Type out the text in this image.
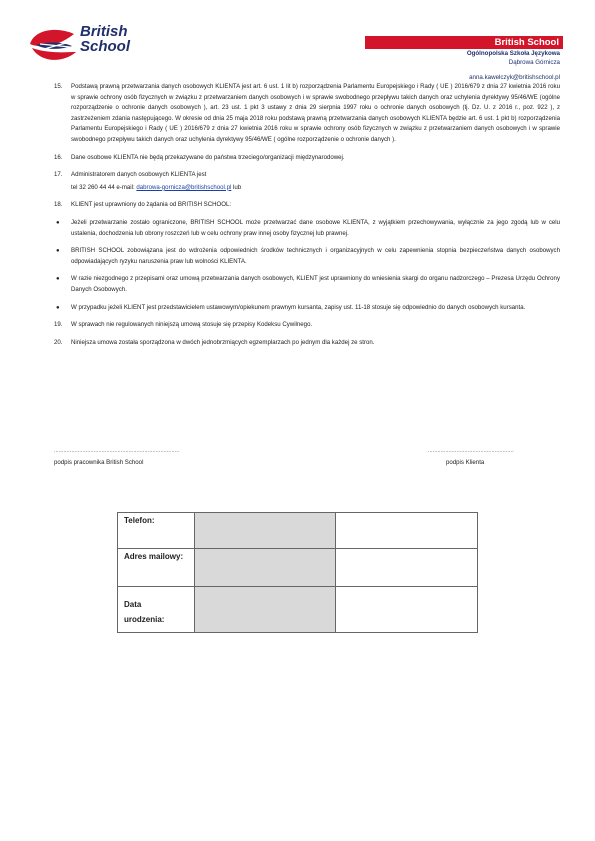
British
School	British School
Ogólnopolska Szkoła Językowa
Dąbrowa Górnicza
anna.kawelczyk@britishschool.pl
15. Podstawą prawną przetwarzania danych osobowych KLIENTA jest art. 6 ust. 1 lit b) rozporządzenia Parlamentu Europejskiego i Rady ( UE ) 2016/679 z dnia 27 kwietnia 2016 roku w sprawie ochrony osób fizycznych w związku z przetwarzaniem danych osobowych i w sprawie swobodnego przepływu takich danych oraz uchylenia dyrektywy 95/46/WE (ogólne rozporządzenie o ochronie danych osobowych ), art. 23 ust. 1 pkt 3 ustawy z dnia 29 sierpnia 1997 roku o ochronie danych osobowych (tj. Dz. U. z 2016 r., poz. 922 ), z zastrzeżeniem zdania następującego. W okresie od dnia 25 maja 2018 roku podstawą prawną przetwarzania danych osobowych KLIENTA będzie art. 6 ust. 1 pkt b) rozporządzenia Parlamentu Europejskiego i Rady ( UE ) 2016/679 z dnia 27 kwietnia 2016 roku w sprawie ochrony osób fizycznych w związku z przetwarzaniem danych osobowych i w sprawie swobodnego przepływu takich danych oraz uchylenia dyrektywy 95/46/WE ( ogólne rozporządzenie o ochronie danych ).
16. Dane osobowe KLIENTA nie będą przekazywane do państwa trzeciego/organizacji międzynarodowej.
17. Administratorem danych osobowych KLIENTA jest
tel 32 260 44 44 e-mail: dabrowa-gornicza@britishschool.pl lub
18. KLIENT jest uprawniony do żądania od BRITISH SCHOOL:
● Jeżeli przetwarzanie zostało ograniczone, BRITISH SCHOOL może przetwarzać dane osobowe KLIENTA, z wyjątkiem przechowywania, wyłącznie za jego zgodą lub w celu ustalenia, dochodzenia lub obrony roszczeń lub w celu ochrony praw innej osoby fizycznej lub prawnej.
● BRITISH SCHOOL zobowiązana jest do wdrożenia odpowiednich środków technicznych i organizacyjnych w celu zapewnienia stopnia bezpieczeństwa danych osobowych odpowiadających ryzyku naruszenia praw lub wolności KLIENTA.
● W razie niezgodnego z przepisami oraz umową przetwarzania danych osobowych, KLIENT jest uprawniony do wniesienia skargi do organu nadzorczego – Prezesa Urzędu Ochrony Danych Osobowych.
● W przypadku jeżeli KLIENT jest przedstawicielem ustawowym/opiekunem prawnym kursanta, zapisy ust. 11-18 stosuje się odpowiednio do danych osobowych kursanta.
19. W sprawach nie regulowanych niniejszą umową stosuje się przepisy Kodeksu Cywilnego.
20. Niniejsza umowa została sporządzona w dwóch jednobrzmiących egzemplarzach po jednym dla każdej ze stron.
...............................................................................	......................................................
podpis pracownika British School	podpis Klienta
Telefon:		
Adres mailowy:		

Data
urodzenia:		
